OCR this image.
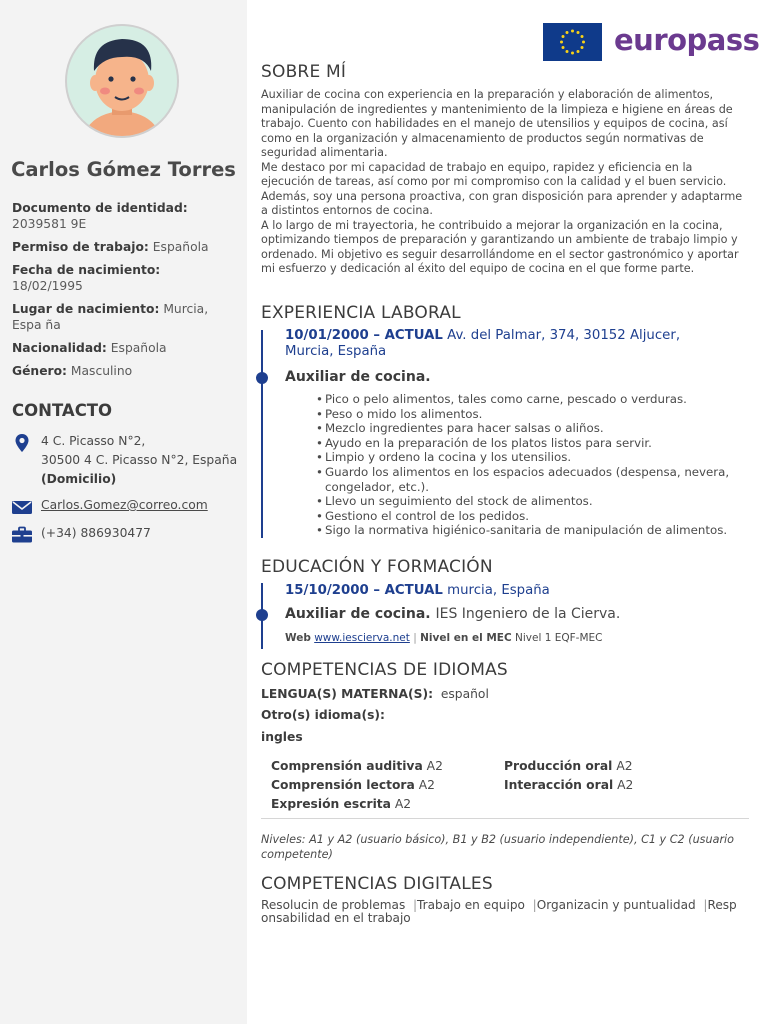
Carlos Gómez Torres
Documento de identidad: 2039581 9E
Permiso de trabajo: Española
Fecha de nacimiento: 18/02/1995
Lugar de nacimiento: Murcia, Espa ña
Nacionalidad: Española
Género: Masculino
CONTACTO
4 C. Picasso N°2,
30500 4 C. Picasso N°2, España
(Domicilio)
Carlos.Gomez@correo.com
(+34) 886930477
europass
SOBRE MÍ
Auxiliar de cocina con experiencia en la preparación y elaboración de alimentos, manipulación de ingredientes y mantenimiento de la limpieza e higiene en áreas de trabajo. Cuento con habilidades en el manejo de utensilios y equipos de cocina, así como en la organización y almacenamiento de productos según normativas de seguridad alimentaria.
Me destaco por mi capacidad de trabajo en equipo, rapidez y eficiencia en la ejecución de tareas, así como por mi compromiso con la calidad y el buen servicio. Además, soy una persona proactiva, con gran disposición para aprender y adaptarme a distintos entornos de cocina.
A lo largo de mi trayectoria, he contribuido a mejorar la organización en la cocina, optimizando tiempos de preparación y garantizando un ambiente de trabajo limpio y ordenado. Mi objetivo es seguir desarrollándome en el sector gastronómico y aportar mi esfuerzo y dedicación al éxito del equipo de cocina en el que forme parte.
EXPERIENCIA LABORAL
10/01/2000 – ACTUAL Av. del Palmar, 374, 30152 Aljucer, Murcia, España
Auxiliar de cocina.
• Pico o pelo alimentos, tales como carne, pescado o verduras.
• Peso o mido los alimentos.
• Mezclo ingredientes para hacer salsas o aliños.
• Ayudo en la preparación de los platos listos para servir.
• Limpio y ordeno la cocina y los utensilios.
• Guardo los alimentos en los espacios adecuados (despensa, nevera, congelador, etc.).
• Llevo un seguimiento del stock de alimentos.
• Gestiono el control de los pedidos.
• Sigo la normativa higiénico-sanitaria de manipulación de alimentos.
EDUCACIÓN Y FORMACIÓN
15/10/2000 – ACTUAL murcia, España
Auxiliar de cocina. IES Ingeniero de la Cierva.
Web www.iescierva.net | Nivel en el MEC Nivel 1 EQF-MEC
COMPETENCIAS DE IDIOMAS
LENGUA(S) MATERNA(S): español
Otro(s) idioma(s):
ingles
Comprensión auditiva A2
Comprensión lectora A2
Expresión escrita A2
Producción oral A2
Interacción oral A2
Niveles: A1 y A2 (usuario básico), B1 y B2 (usuario independiente), C1 y C2 (usuario competente)
COMPETENCIAS DIGITALES
Resolucin de problemas  |Trabajo en equipo  |Organizacin y puntualidad  |Resp onsabilidad en el trabajo
